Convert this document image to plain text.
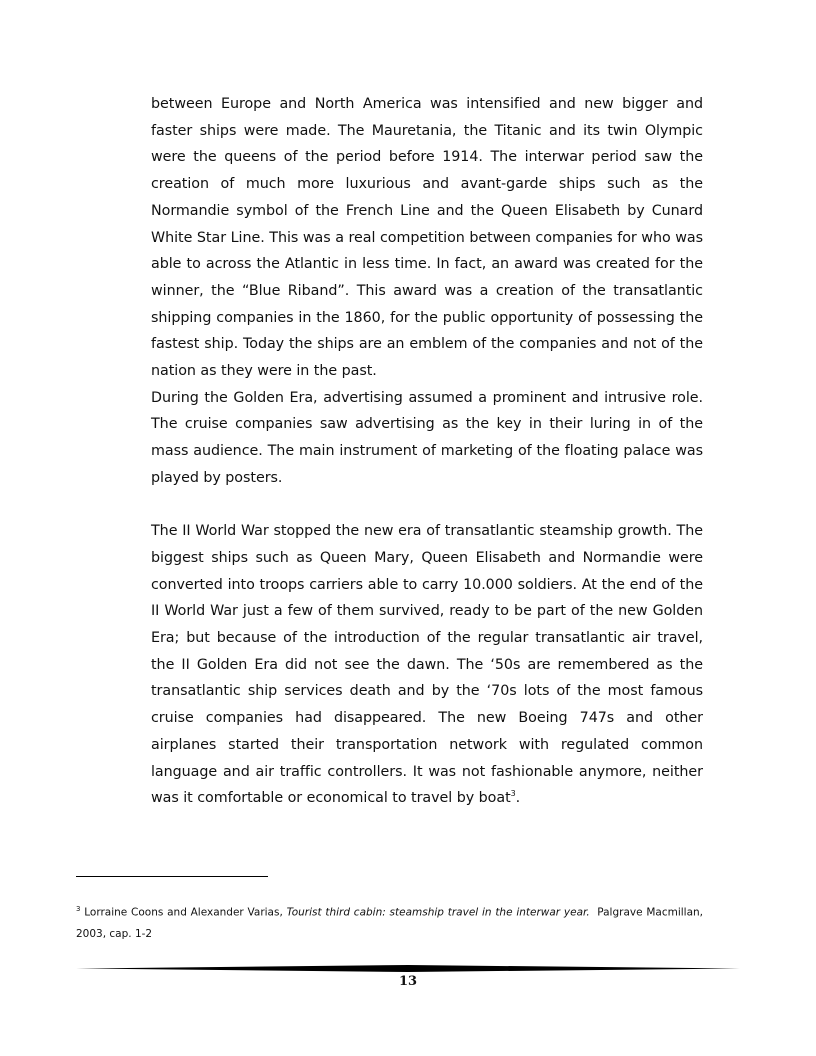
between Europe and North America was intensified and new bigger and faster ships were made. The Mauretania, the Titanic and its twin Olympic were the queens of the period before 1914. The interwar period saw the creation of much more luxurious and avant-garde ships such as the Normandie symbol of the French Line and the Queen Elisabeth by Cunard White Star Line. This was a real competition between companies for who was able to across the Atlantic in less time. In fact, an award was created for the winner, the “Blue Riband”. This award was a creation of the transatlantic shipping companies in the 1860, for the public opportunity of possessing the fastest ship. Today the ships are an emblem of the companies and not of the nation as they were in the past.

During the Golden Era, advertising assumed a prominent and intrusive role. The cruise companies saw advertising as the key in their luring in of the mass audience. The main instrument of marketing of the floating palace was played by posters.

The II World War stopped the new era of transatlantic steamship growth. The biggest ships such as Queen Mary, Queen Elisabeth and Normandie were converted into troops carriers able to carry 10.000 soldiers. At the end of the II World War just a few of them survived, ready to be part of the new Golden Era; but because of the introduction of the regular transatlantic air travel, the II Golden Era did not see the dawn. The ‘50s are remembered as the transatlantic ship services death and by the ‘70s lots of the most famous cruise companies had disappeared. The new Boeing 747s and other airplanes started their transportation network with regulated common language and air traffic controllers. It was not fashionable anymore, neither was it comfortable or economical to travel by boat$^3$.

$^3$ Lorraine Coons and Alexander Varias, Tourist third cabin: steamship travel in the interwar year. Palgrave Macmillan, 2003, cap. 1-2
13
